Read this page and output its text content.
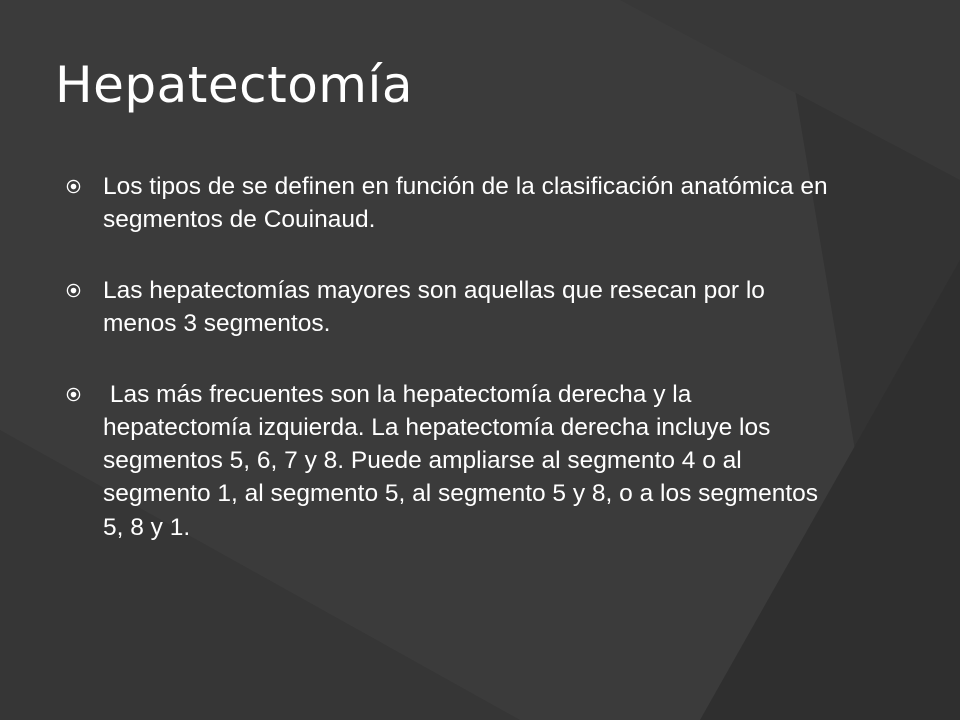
Hepatectomía
Los tipos de se definen en función de la clasificación anatómica en segmentos de Couinaud.
Las hepatectomías mayores son aquellas que resecan por lo menos 3 segmentos.
Las más frecuentes son la hepatectomía derecha y la hepatectomía izquierda. La hepatectomía derecha incluye los segmentos 5, 6, 7 y 8. Puede ampliarse al segmento 4 o al segmento 1, al segmento 5, al segmento 5 y 8, o a los segmentos 5, 8 y 1.
